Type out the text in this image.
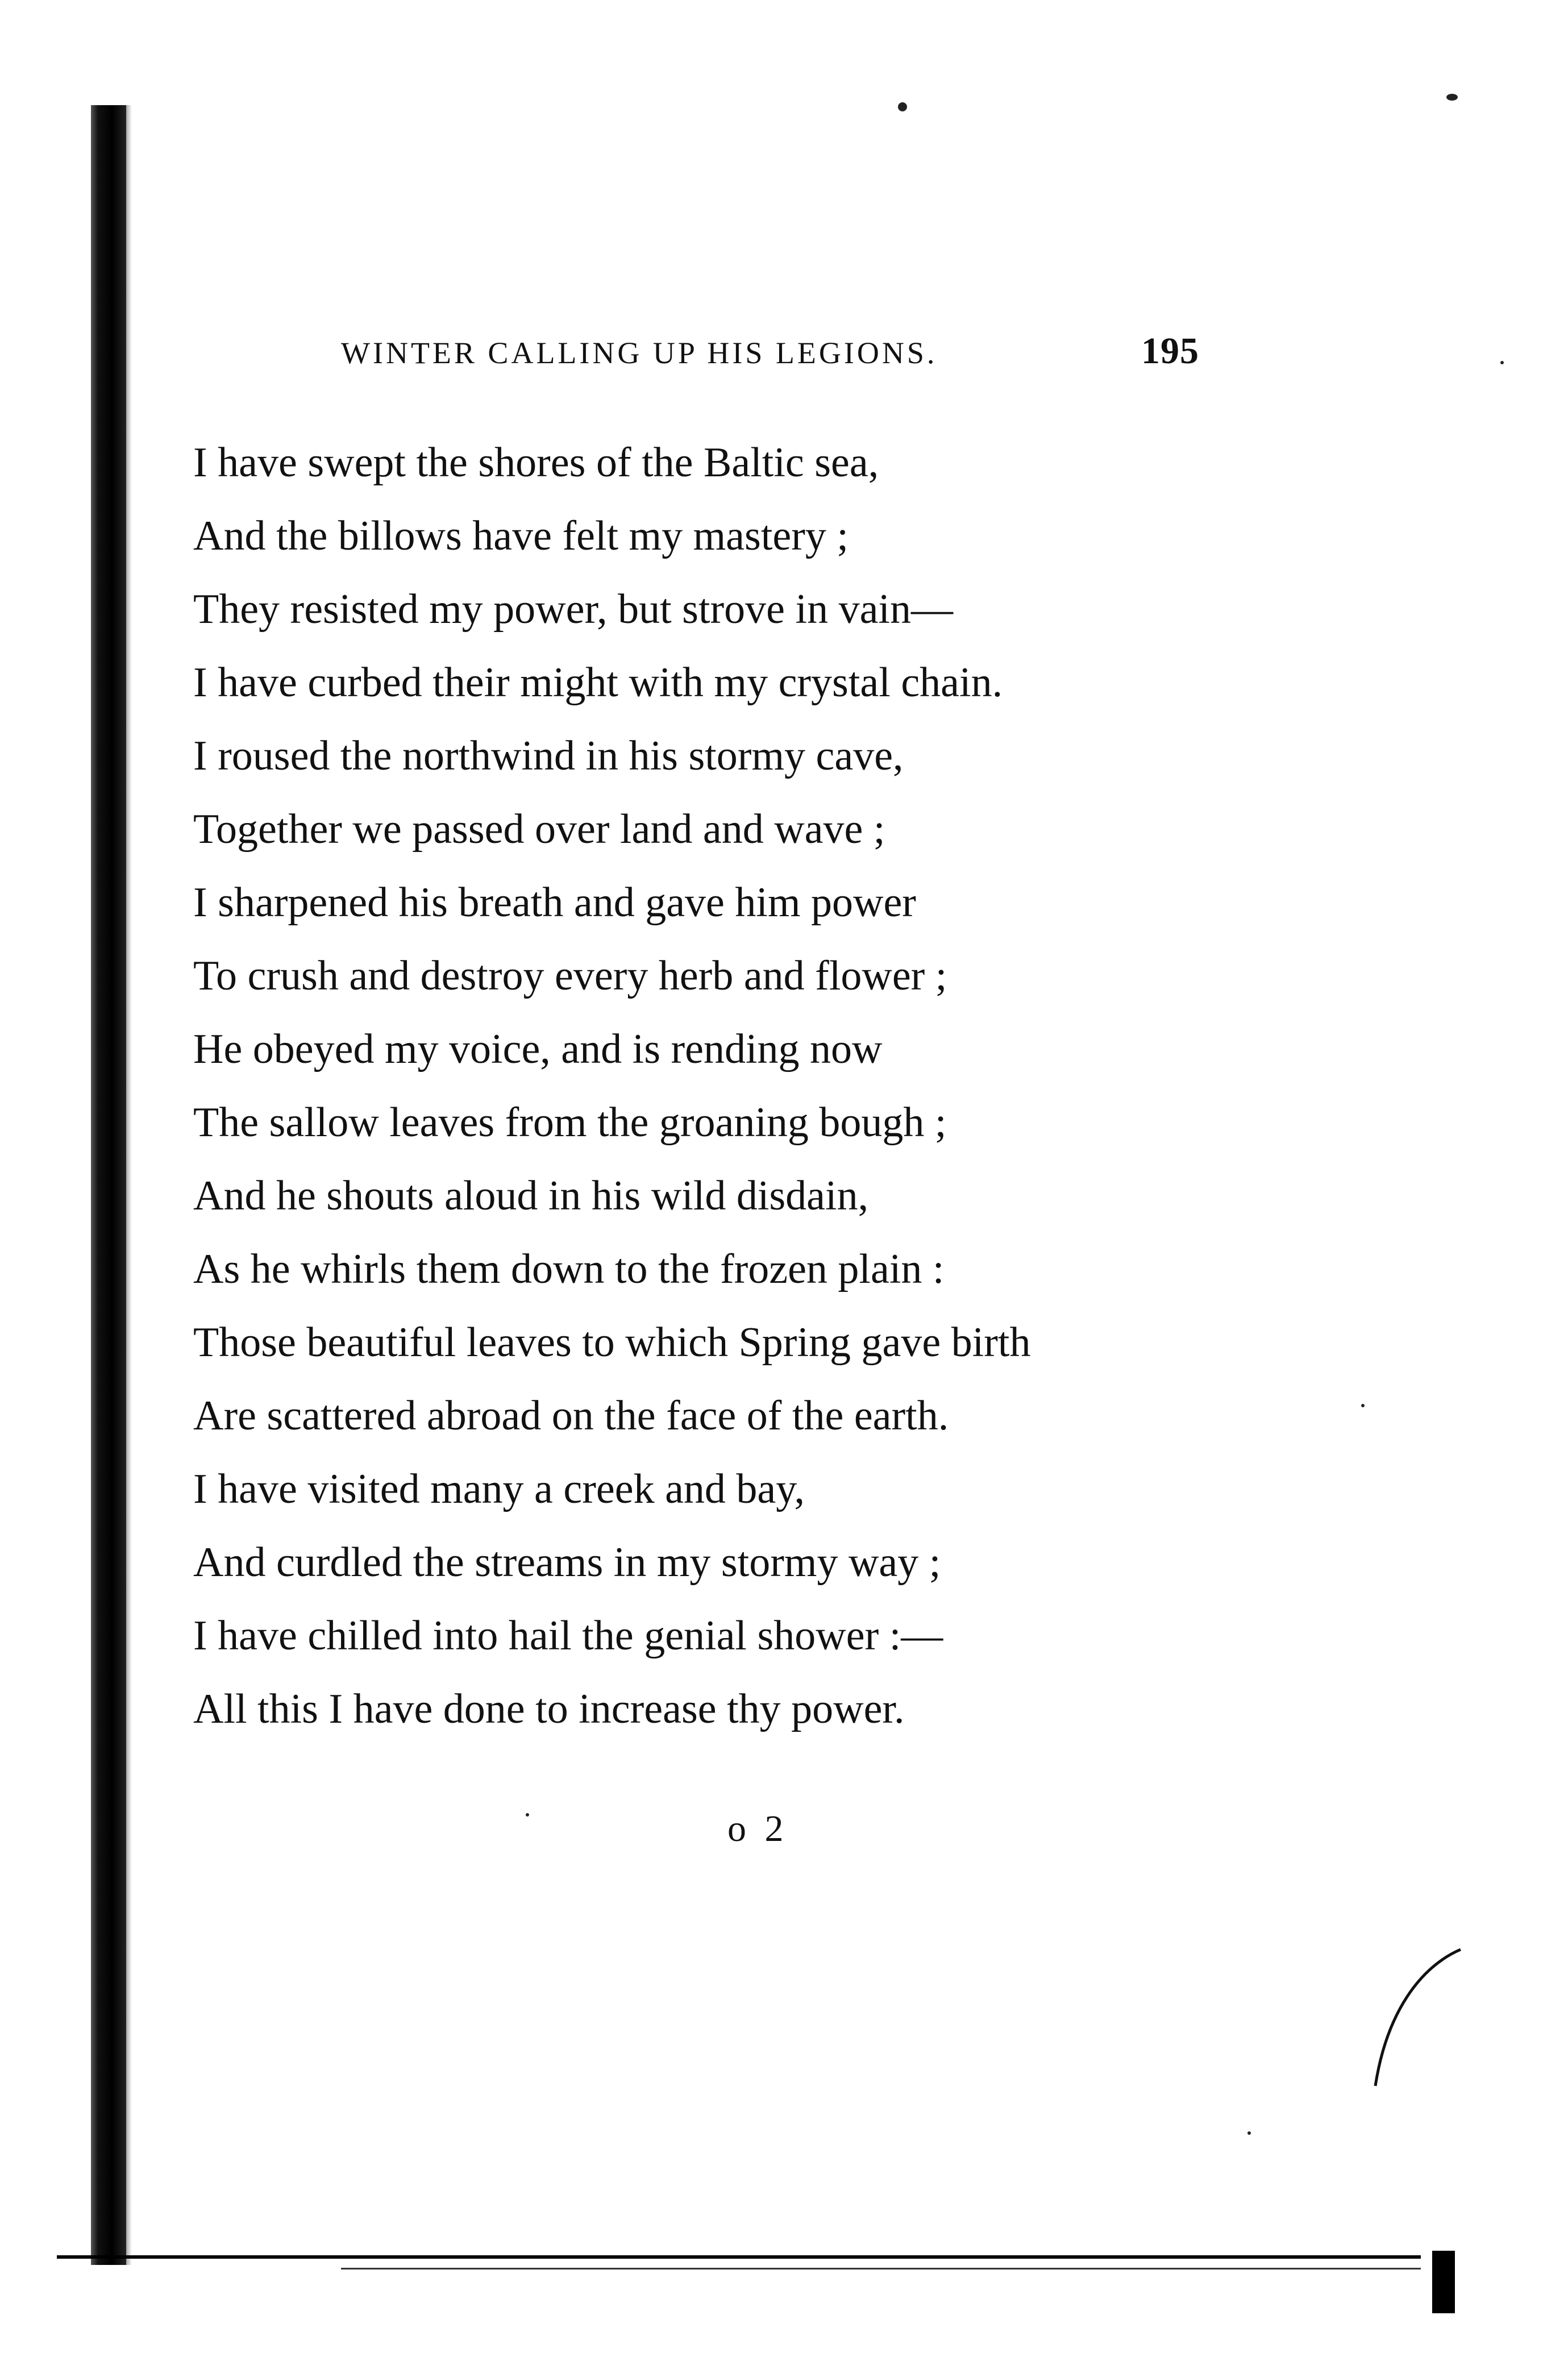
WINTER CALLING UP HIS LEGIONS.	195
I have swept the shores of the Baltic sea,
And the billows have felt my mastery ;
They resisted my power, but strove in vain—
I have curbed their might with my crystal chain.
I roused the northwind in his stormy cave,
Together we passed over land and wave ;
I sharpened his breath and gave him power
To crush and destroy every herb and flower ;
He obeyed my voice, and is rending now
The sallow leaves from the groaning bough ;
And he shouts aloud in his wild disdain,
As he whirls them down to the frozen plain :
Those beautiful leaves to which Spring gave birth
Are scattered abroad on the face of the earth.
I have visited many a creek and bay,
And curdled the streams in my stormy way ;
I have chilled into hail the genial shower :—
All this I have done to increase thy power.
o 2
